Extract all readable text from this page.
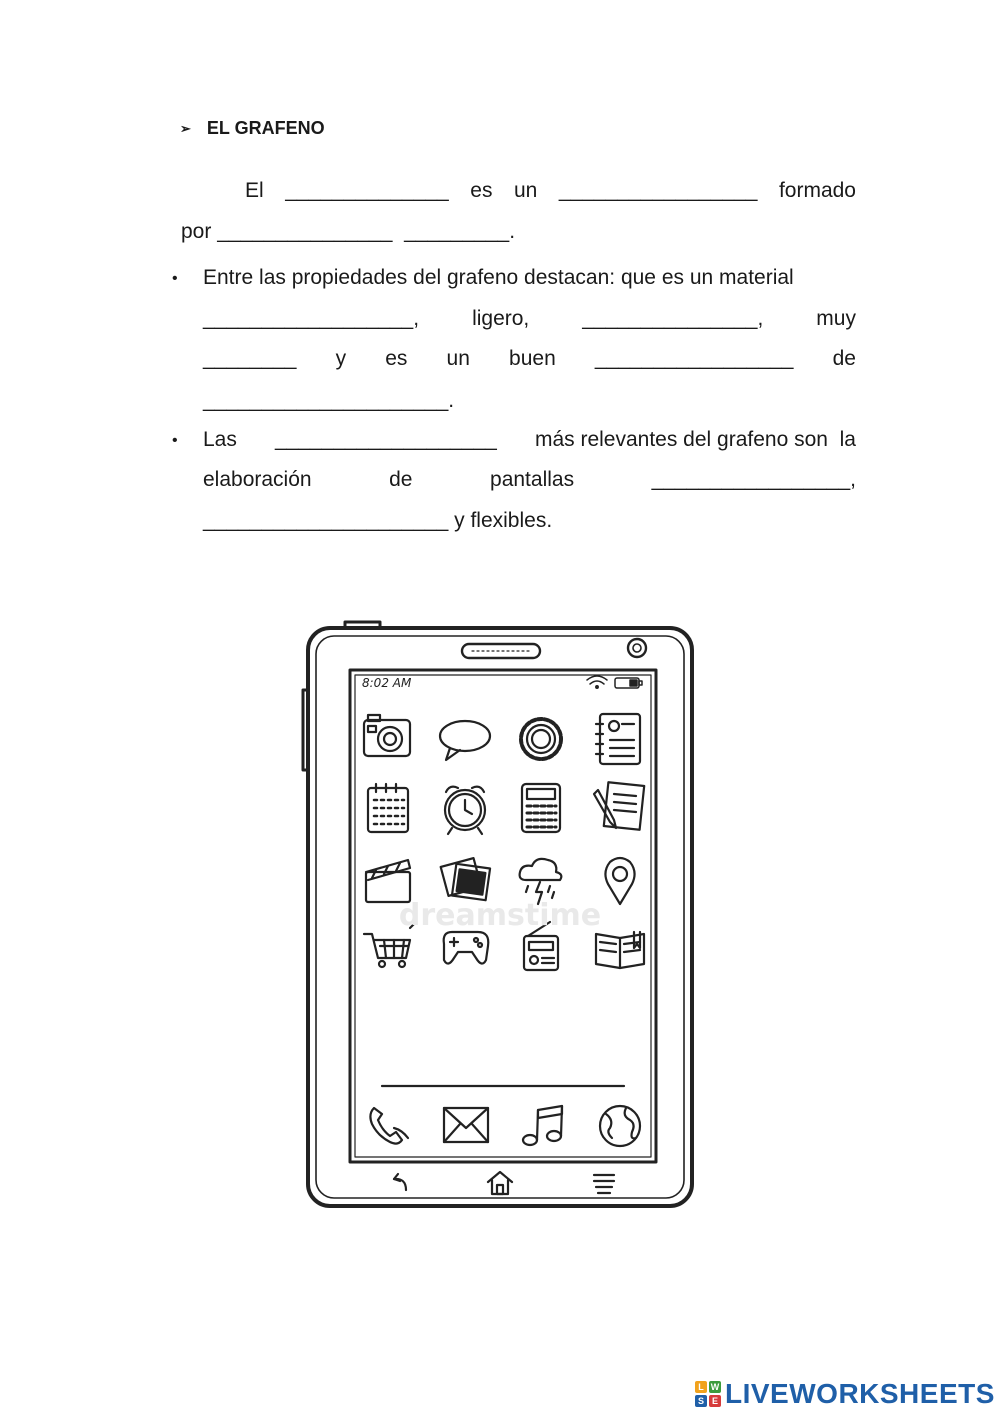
➢ EL GRAFENO
El ______________ es un _________________ formado
por _______________ _________.
• Entre las propiedades del grafeno destacan: que es un material
__________________,	ligero,	_______________,	muy
________ y es un buen _________________ de
_____________________.
• Las ___________________ más relevantes del grafeno son  la
elaboración	de	pantallas	_________________,
_____________________ y flexibles.
8:02 AM
dreamstime
L W
S E LIVEWORKSHEETS
